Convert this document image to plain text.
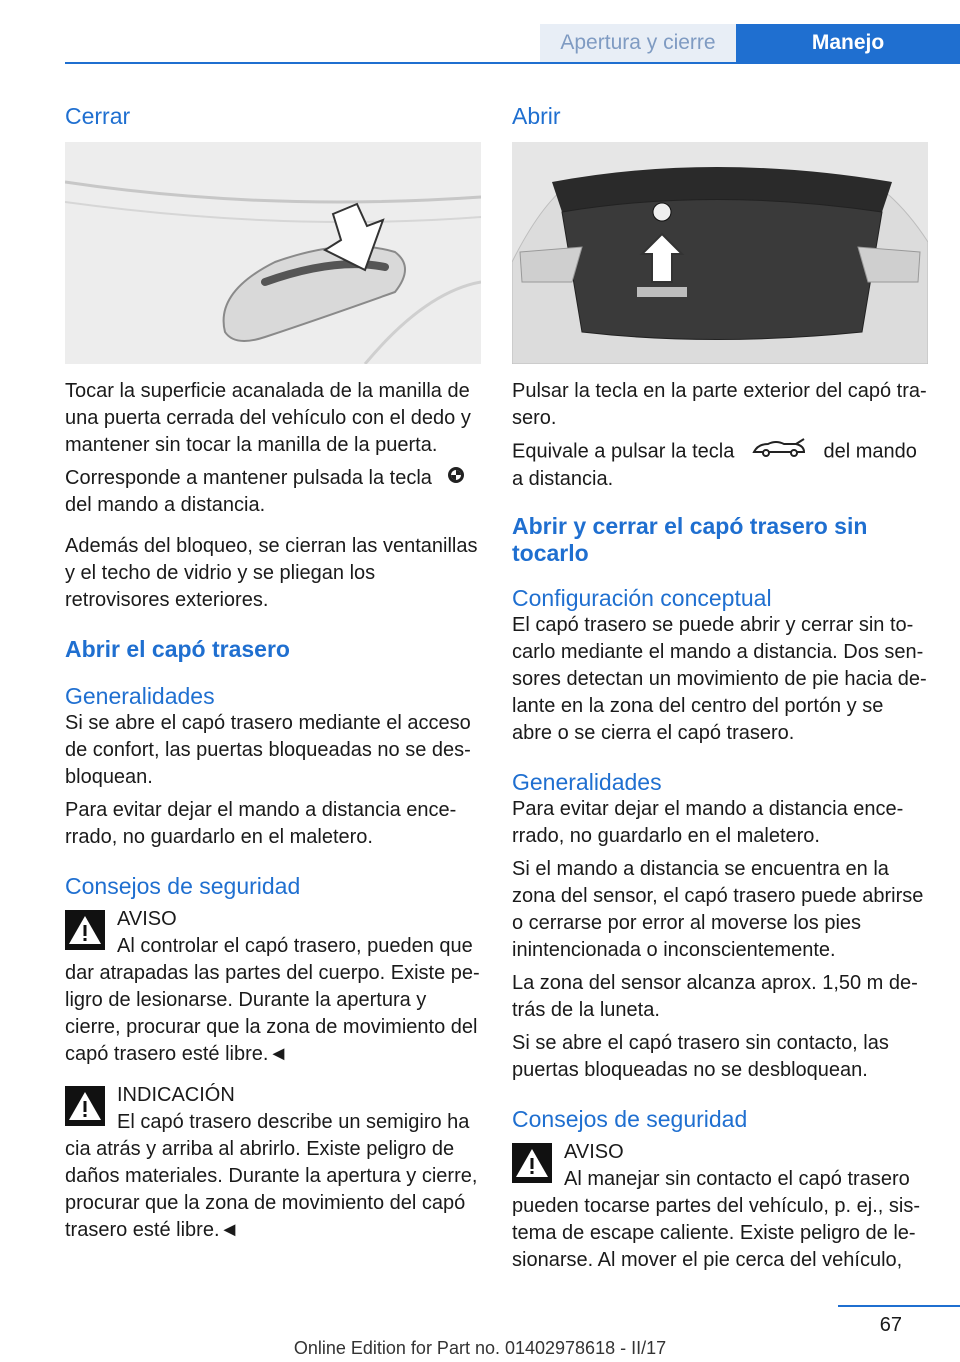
Apertura y cierre	Manejo
Cerrar

Tocar la superficie acanalada de la manilla de una puerta cerrada del vehículo con el dedo y mantener sin tocar la manilla de la puerta.

Corresponde a mantener pulsada la tecla
del mando a distancia.

Además del bloqueo, se cierran las ventanillas y el techo de vidrio y se pliegan los retrovisores exteriores.

Abrir el capó trasero
Generalidades

Si se abre el capó trasero mediante el acceso de confort, las puertas bloqueadas no se desbloquean.

Para evitar dejar el mando a distancia encerrado, no guardarlo en el maletero.

Consejos de seguridad

AVISO

Al controlar el capó trasero, pueden que

dar atrapadas las partes del cuerpo. Existe peligro de lesionarse. Durante la apertura y cierre, procurar que la zona de movimiento del capó trasero esté libre.◄

INDICACIÓN

El capó trasero describe un semigiro ha

cia atrás y arriba al abrirlo. Existe peligro de daños materiales. Durante la apertura y cierre, procurar que la zona de movimiento del capó trasero esté libre.◄

Abrir

Pulsar la tecla en la parte exterior del capó trasero.

Equivale a pulsar la tecla	del mando a distancia.

Abrir y cerrar el capó trasero sin tocarlo
Configuración conceptual

El capó trasero se puede abrir y cerrar sin tocarlo mediante el mando a distancia. Dos sensores detectan un movimiento de pie hacia delante en la zona del centro del portón y se abre o se cierra el capó trasero.

Generalidades

Para evitar dejar el mando a distancia encerrado, no guardarlo en el maletero.

Si el mando a distancia se encuentra en la zona del sensor, el capó trasero puede abrirse o cerrarse por error al moverse los pies inintencionada o inconscientemente.

La zona del sensor alcanza aprox. 1,50 m detrás de la luneta.

Si se abre el capó trasero sin contacto, las puertas bloqueadas no se desbloquean.

Consejos de seguridad

AVISO

Al manejar sin contacto el capó trasero

pueden tocarse partes del vehículo, p. ej., sistema de escape caliente. Existe peligro de lesionarse. Al mover el pie cerca del vehículo,

67
Online Edition for Part no. 01402978618 - II/17
